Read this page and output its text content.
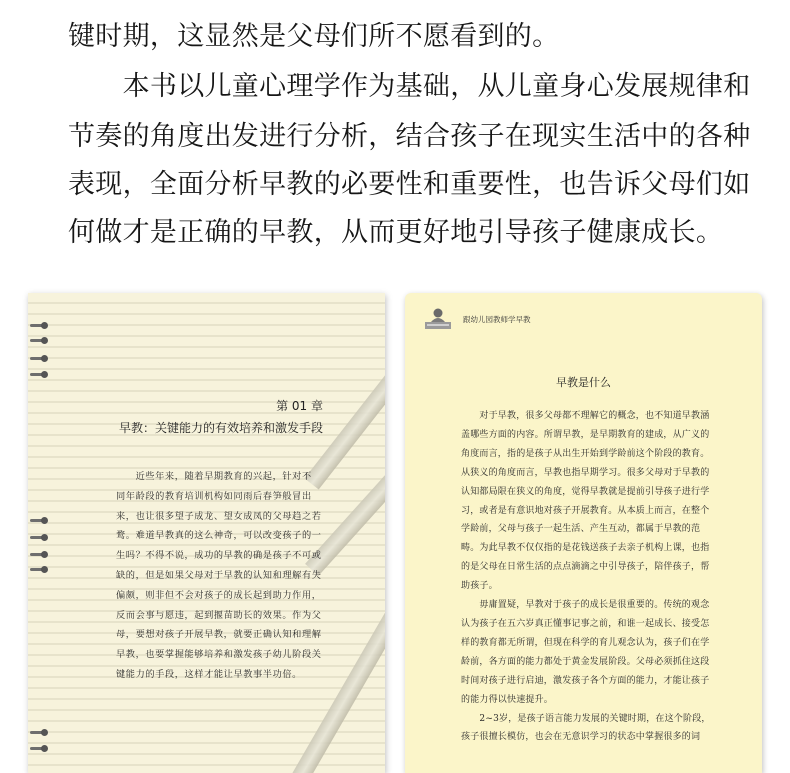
键时期，这显然是父母们所不愿看到的。

　　本书以儿童心理学作为基础，从儿童身心发展规律和

节奏的角度出发进行分析，结合孩子在现实生活中的各种

表现，全面分析早教的必要性和重要性，也告诉父母们如

何做才是正确的早教，从而更好地引导孩子健康成长。

第 01 章
早教：关键能力的有效培养和激发手段
　　近些年来，随着早期教育的兴起，针对不
同年龄段的教育培训机构如同雨后春笋般冒出
来，也让很多望子成龙、望女成凤的父母趋之若
鹜。难道早教真的这么神奇，可以改变孩子的一
生吗？不得不说，成功的早教的确是孩子不可或
缺的，但是如果父母对于早教的认知和理解有失
偏颇，则非但不会对孩子的成长起到助力作用，
反而会事与愿违，起到揠苗助长的效果。作为父
母，要想对孩子开展早教，就要正确认知和理解
早教，也要掌握能够培养和激发孩子幼儿阶段关
键能力的手段，这样才能让早教事半功倍。
跟幼儿园教师学早教
早教是什么
　　对于早教，很多父母都不理解它的概念，也不知道早教涵
盖哪些方面的内容。所谓早教，是早期教育的建成，从广义的
角度而言，指的是孩子从出生开始到学龄前这个阶段的教育。
从狭义的角度而言，早教也指早期学习。很多父母对于早教的
认知都局限在狭义的角度，觉得早教就是提前引导孩子进行学
习，或者是有意识地对孩子开展教育。从本质上而言，在整个
学龄前，父母与孩子一起生活、产生互动，都属于早教的范
畴。为此早教不仅仅指的是花钱送孩子去亲子机构上课，也指
的是父母在日常生活的点点滴滴之中引导孩子，陪伴孩子，帮
助孩子。
　　毋庸置疑，早教对于孩子的成长是很重要的。传统的观念
认为孩子在五六岁真正懂事记事之前，和谁一起成长、接受怎
样的教育都无所谓，但现在科学的育儿观念认为，孩子们在学
龄前，各方面的能力都处于黄金发展阶段。父母必须抓住这段
时间对孩子进行启迪，激发孩子各个方面的能力，才能让孩子
的能力得以快速提升。
　　2~3岁，是孩子语言能力发展的关键时期，在这个阶段，
孩子很擅长模仿，也会在无意识学习的状态中掌握很多的词
